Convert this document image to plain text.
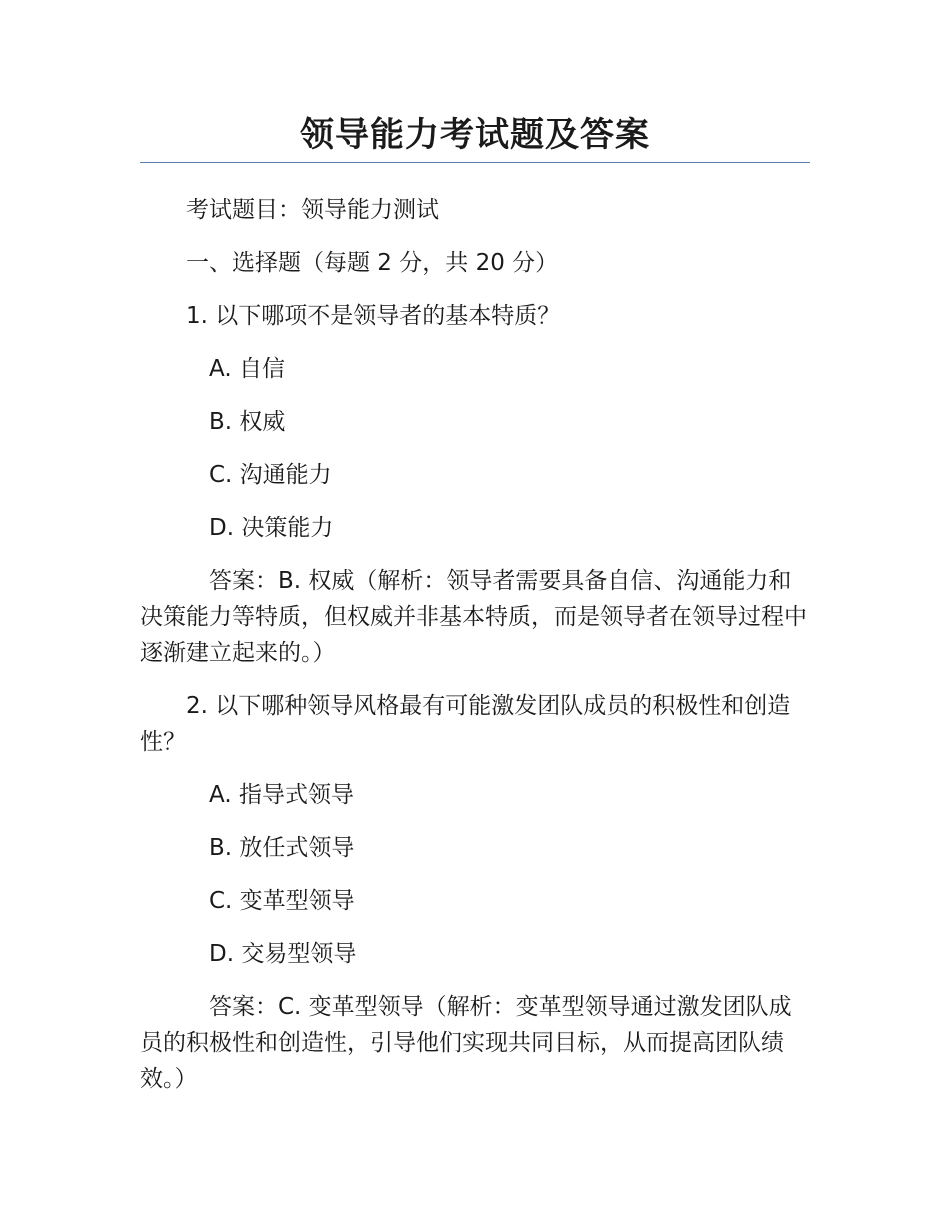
领导能力考试题及答案

考试题目：领导能力测试

一、选择题（每题 2 分，共 20 分）

1. 以下哪项不是领导者的基本特质？

A. 自信

B. 权威

C. 沟通能力

D. 决策能力

答案：B. 权威（解析：领导者需要具备自信、沟通能力和决策能力等特质，但权威并非基本特质，而是领导者在领导过程中逐渐建立起来的。）

2. 以下哪种领导风格最有可能激发团队成员的积极性和创造性？

A. 指导式领导

B. 放任式领导

C. 变革型领导

D. 交易型领导

答案：C. 变革型领导（解析：变革型领导通过激发团队成员的积极性和创造性，引导他们实现共同目标，从而提高团队绩效。）
